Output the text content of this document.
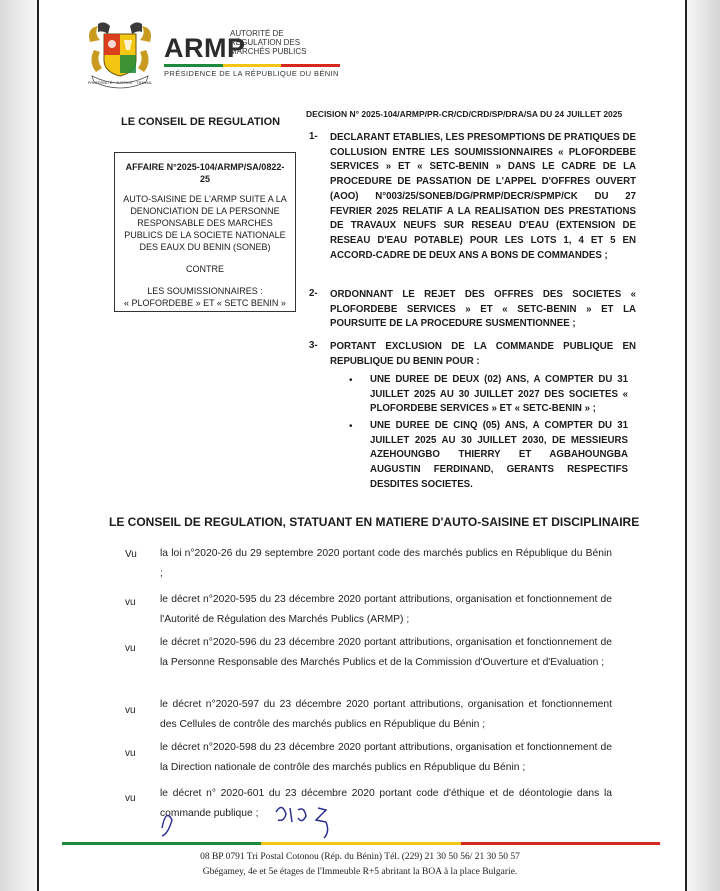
FRATERNITÉ · JUSTICE · TRAVAIL
ARMP
AUTORITÉ DE
RÉGULATION DES
MARCHÉS PUBLICS
PRÉSIDENCE DE LA RÉPUBLIQUE DU BÉNIN
LE CONSEIL DE REGULATION
AFFAIRE N°2025-104/ARMP/SA/0822-25
AUTO-SAISINE DE L'ARMP SUITE A LA DENONCIATION DE LA PERSONNE RESPONSABLE DES MARCHES PUBLICS DE LA SOCIETE NATIONALE DES EAUX DU BENIN (SONEB)
CONTRE
LES SOUMISSIONNAIRES :
« PLOFORDEBE » ET « SETC BENIN »
DECISION N° 2025-104/ARMP/PR-CR/CD/CRD/SP/DRA/SA DU 24 JUILLET 2025
1- DECLARANT ETABLIES, LES PRESOMPTIONS DE PRATIQUES DE COLLUSION ENTRE LES SOUMISSIONNAIRES « PLOFORDEBE SERVICES » ET « SETC-BENIN » DANS LE CADRE DE LA PROCEDURE DE PASSATION DE L'APPEL D'OFFRES OUVERT (AOO) N°003/25/SONEB/DG/PRMP/DECR/SPMP/CK DU 27 FEVRIER 2025 RELATIF A LA REALISATION DES PRESTATIONS DE TRAVAUX NEUFS SUR RESEAU D'EAU (EXTENSION DE RESEAU D'EAU POTABLE) POUR LES LOTS 1, 4 ET 5 EN ACCORD-CADRE DE DEUX ANS A BONS DE COMMANDES ;
2- ORDONNANT LE REJET DES OFFRES DES SOCIETES « PLOFORDEBE SERVICES » ET « SETC-BENIN » ET LA POURSUITE DE LA PROCEDURE SUSMENTIONNEE ;
3- PORTANT EXCLUSION DE LA COMMANDE PUBLIQUE EN REPUBLIQUE DU BENIN POUR :
• UNE DUREE DE DEUX (02) ANS, A COMPTER DU 31 JUILLET 2025 AU 30 JUILLET 2027 DES SOCIETES « PLOFORDEBE SERVICES » ET « SETC-BENIN » ;
• UNE DUREE DE CINQ (05) ANS, A COMPTER DU 31 JUILLET 2025 AU 30 JUILLET 2030, DE MESSIEURS AZEHOUNGBO THIERRY ET AGBAHOUNGBA AUGUSTIN FERDINAND, GERANTS RESPECTIFS DESDITES SOCIETES.
LE CONSEIL DE REGULATION, STATUANT EN MATIERE D'AUTO-SAISINE ET DISCIPLINAIRE
Vu la loi n°2020-26 du 29 septembre 2020 portant code des marchés publics en République du Bénin ;
vu le décret n°2020-595 du 23 décembre 2020 portant attributions, organisation et fonctionnement de l'Autorité de Régulation des Marchés Publics (ARMP) ;
vu
le décret n°2020-596 du 23 décembre 2020 portant attributions, organisation et fonctionnement de la Personne Responsable des Marchés Publics et de la Commission d'Ouverture et d'Evaluation ;
vu
le décret n°2020-597 du 23 décembre 2020 portant attributions, organisation et fonctionnement des Cellules de contrôle des marchés publics en République du Bénin ;
vu
le décret n°2020-598 du 23 décembre 2020 portant attributions, organisation et fonctionnement de la Direction nationale de contrôle des marchés publics en République du Bénin ;
vu le décret n° 2020-601 du 23 décembre 2020 portant code d'éthique et de déontologie dans la commande publique ;
08 BP 0791 Tri Postal Cotonou (Rép. du Bénin) Tél. (229) 21 30 50 56/ 21 30 50 57
Gbégamey, 4e et 5e étages de l'Immeuble R+5 abritant la BOA à la place Bulgarie.
